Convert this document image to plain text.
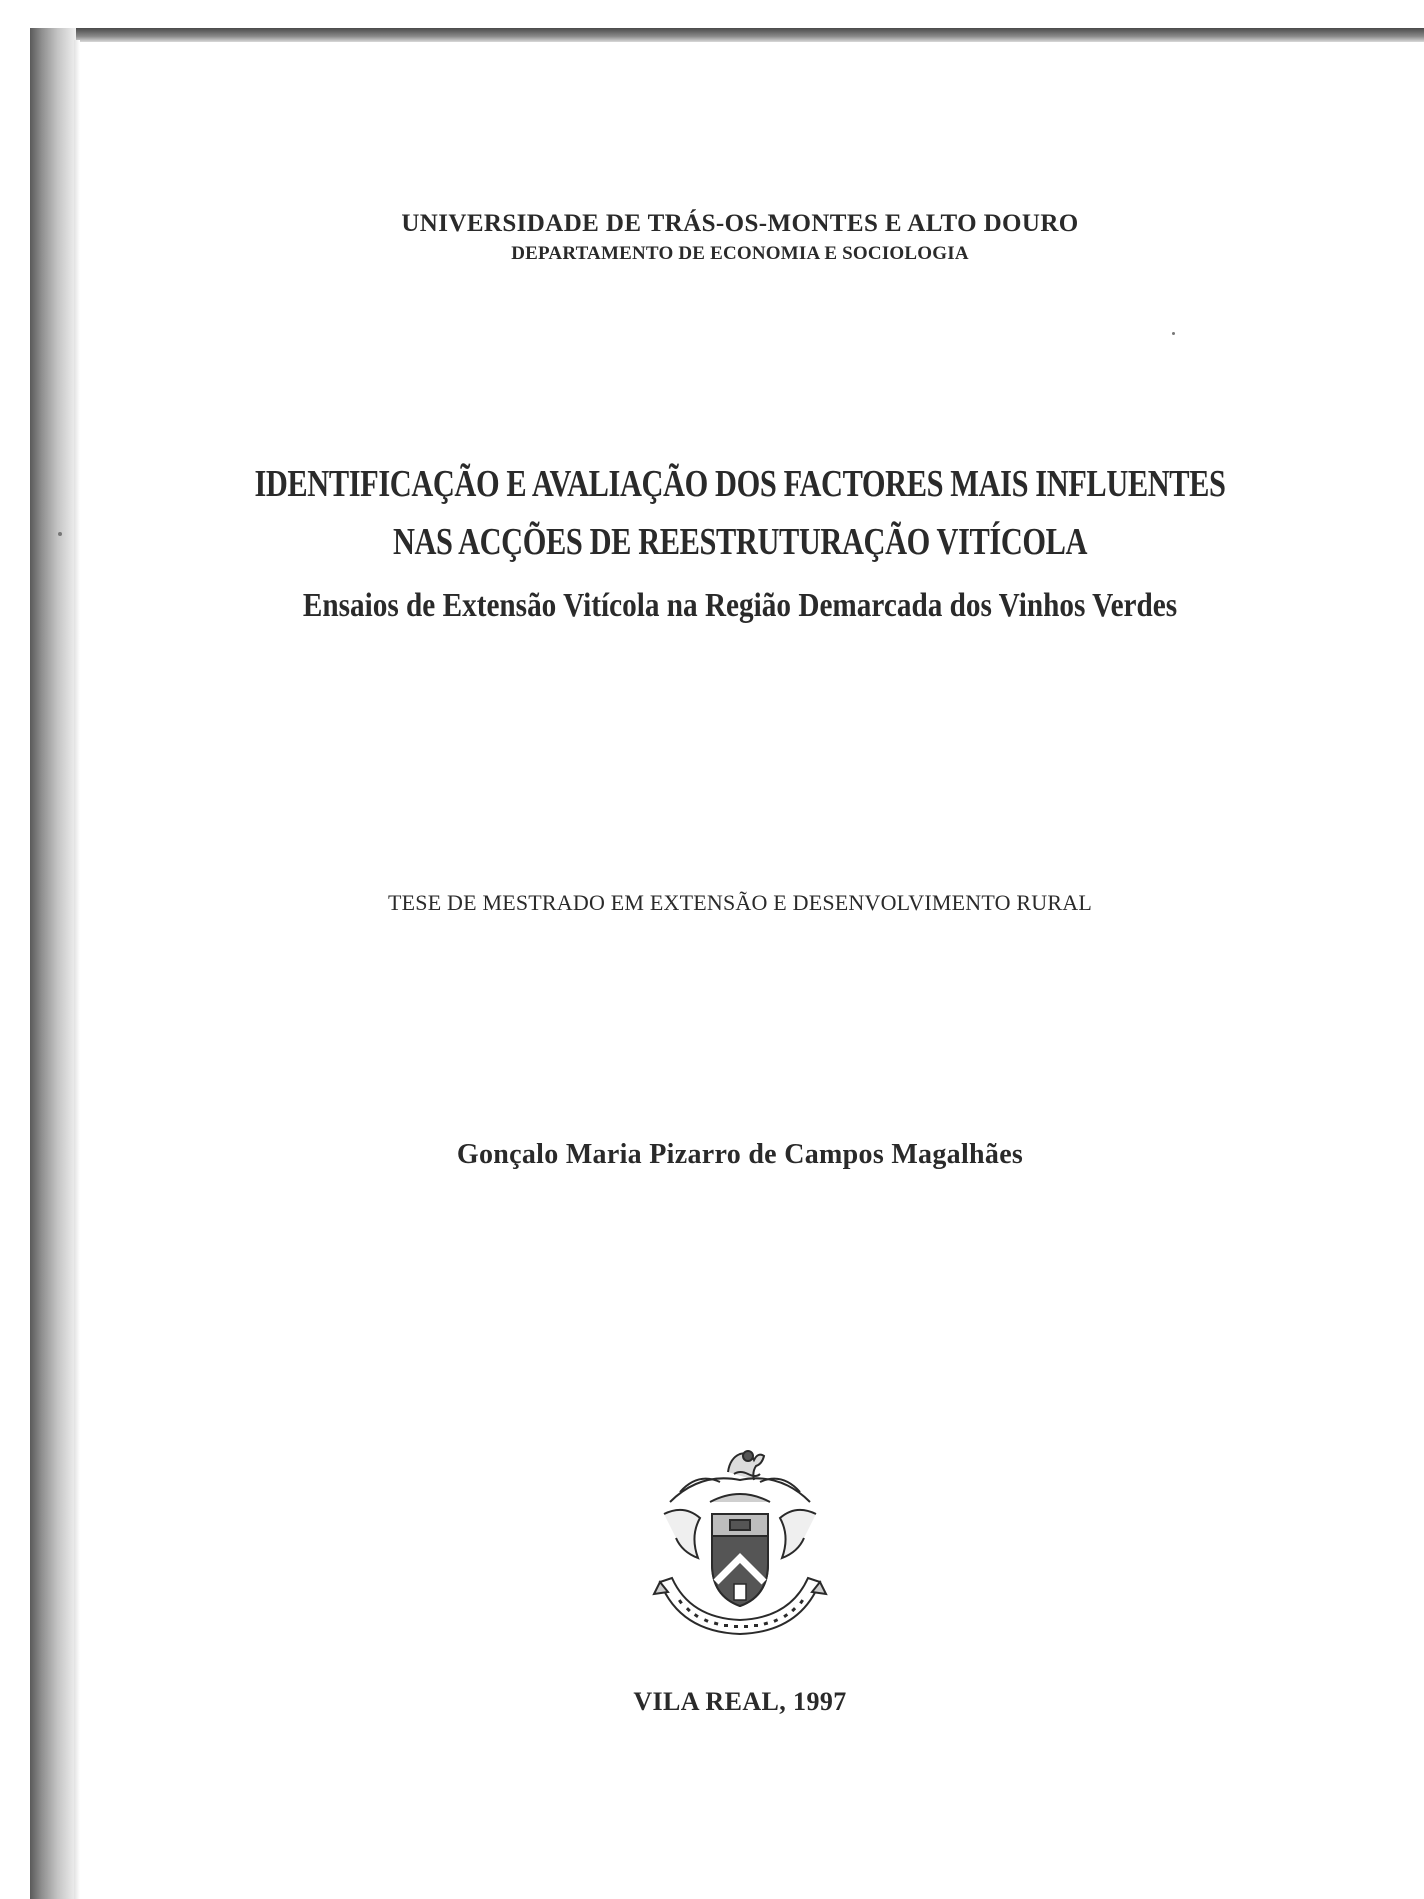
UNIVERSIDADE DE TRÁS-OS-MONTES E ALTO DOURO
DEPARTAMENTO DE ECONOMIA E SOCIOLOGIA
IDENTIFICAÇÃO E AVALIAÇÃO DOS FACTORES MAIS INFLUENTES
NAS ACÇÕES DE REESTRUTURAÇÃO VITÍCOLA
Ensaios de Extensão Vitícola na Região Demarcada dos Vinhos Verdes
TESE DE MESTRADO EM EXTENSÃO E DESENVOLVIMENTO RURAL
Gonçalo Maria Pizarro de Campos Magalhães
VILA REAL, 1997
